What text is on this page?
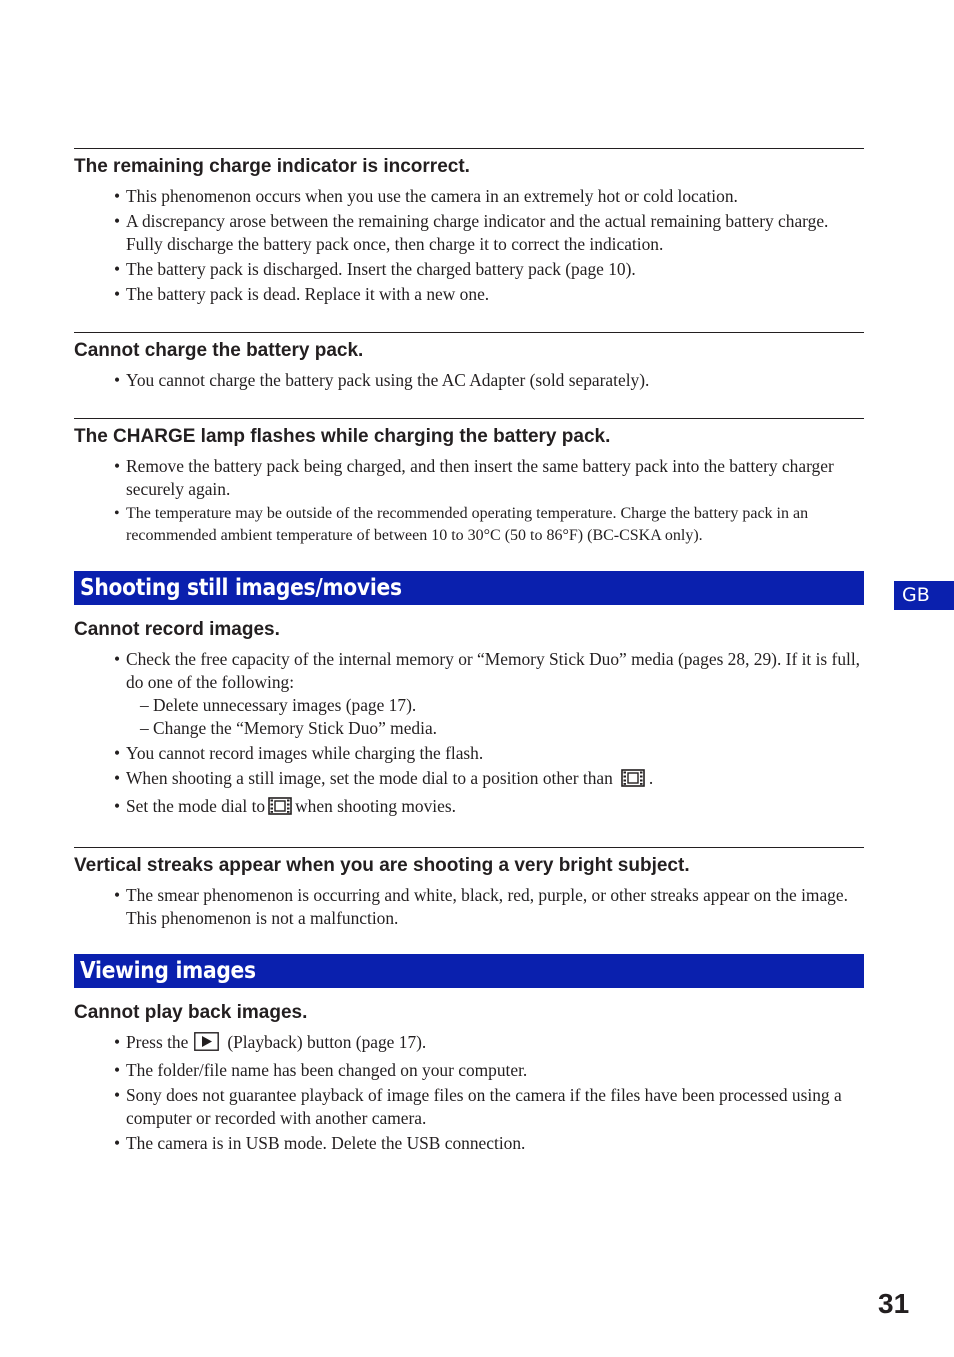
The remaining charge indicator is incorrect.
• This phenomenon occurs when you use the camera in an extremely hot or cold location.
• A discrepancy arose between the remaining charge indicator and the actual remaining battery charge. Fully discharge the battery pack once, then charge it to correct the indication.
• The battery pack is discharged. Insert the charged battery pack (page 10).
• The battery pack is dead. Replace it with a new one.
Cannot charge the battery pack.
• You cannot charge the battery pack using the AC Adapter (sold separately).
The CHARGE lamp flashes while charging the battery pack.
• Remove the battery pack being charged, and then insert the same battery pack into the battery charger securely again.
• The temperature may be outside of the recommended operating temperature. Charge the battery pack in an recommended ambient temperature of between 10 to 30°C (50 to 86°F) (BC-CSKA only).
Shooting still images/movies
Cannot record images.
• Check the free capacity of the internal memory or “Memory Stick Duo” media (pages 28, 29). If it is full, do one of the following:
– Delete unnecessary images (page 17).
– Change the “Memory Stick Duo” media.
• You cannot record images while charging the flash.
• When shooting a still image, set the mode dial to a position other than .
• Set the mode dial to when shooting movies.
Vertical streaks appear when you are shooting a very bright subject.
• The smear phenomenon is occurring and white, black, red, purple, or other streaks appear on the image. This phenomenon is not a malfunction.
Viewing images
Cannot play back images.
• Press the (Playback) button (page 17).
• The folder/file name has been changed on your computer.
• Sony does not guarantee playback of image files on the camera if the files have been processed using a computer or recorded with another camera.
• The camera is in USB mode. Delete the USB connection.
GB
31
